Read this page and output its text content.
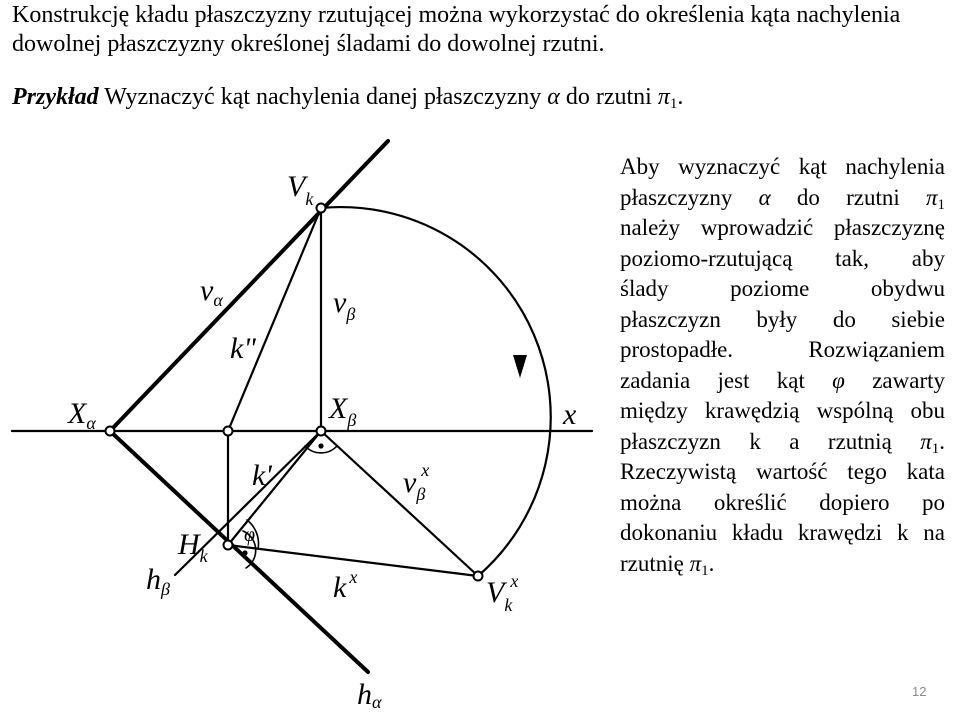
Konstrukcję kładu płaszczyzny rzutującej można wykorzystać do określenia kąta nachylenia
dowolnej płaszczyzny określonej śladami do dowolnej rzutni.
Przykład Wyznaczyć kąt nachylenia danej płaszczyzny α do rzutni $\pi_1$.
Aby wyznaczyć kąt nachylenia
płaszczyzny α do rzutni $\pi_1$
należy wprowadzić płaszczyznę
poziomo-rzutującą tak, aby
ślady poziome obydwu
płaszczyzn były do siebie
prostopadłe. Rozwiązaniem
zadania jest kąt φ zawarty
między krawędzią wspólną obu
płaszczyzn k a rzutnią $\pi_1$.
Rzeczywistą wartość tego kata
można określić dopiero po
dokonaniu kładu krawędzi k na
rzutnię $\pi_1$.
$V_k$
$v_\alpha$	$v_\beta$
k"
$X_\alpha$	$X_\beta$	x
k'	$v_\beta x$
$H_k$
φ
$h_\beta$	k $^x$	$V_kx$
hα
12
